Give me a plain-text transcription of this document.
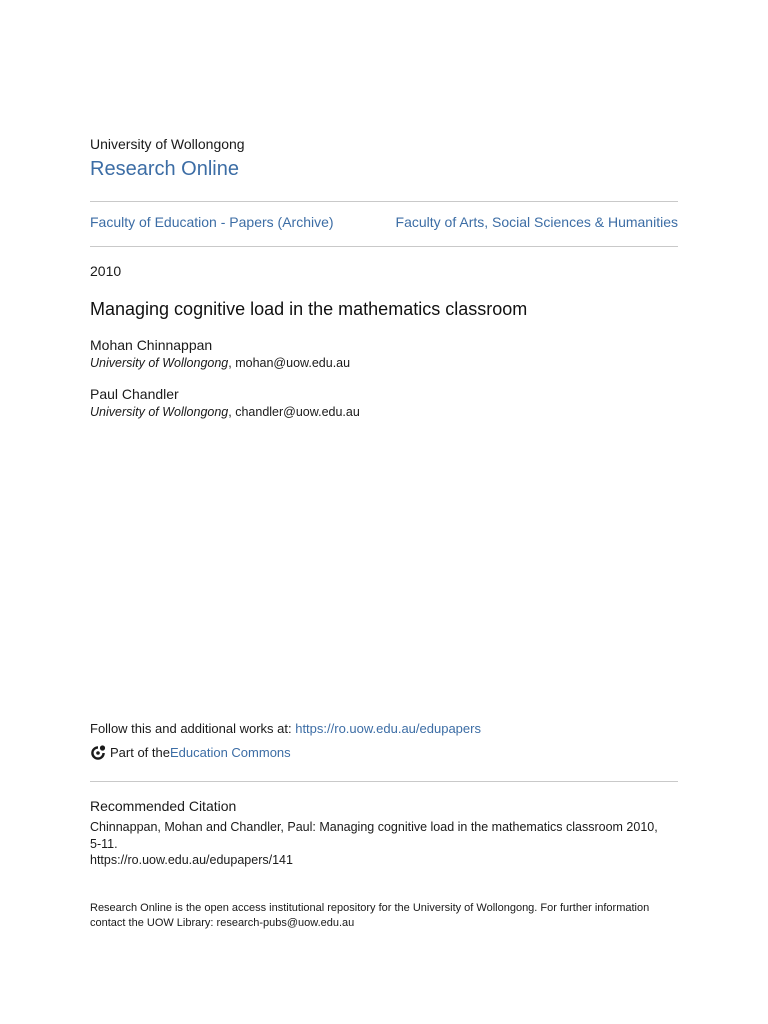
University of Wollongong
Research Online
Faculty of Education - Papers (Archive)	Faculty of Arts, Social Sciences & Humanities
2010
Managing cognitive load in the mathematics classroom
Mohan Chinnappan
University of Wollongong, mohan@uow.edu.au
Paul Chandler
University of Wollongong, chandler@uow.edu.au
Follow this and additional works at: https://ro.uow.edu.au/edupapers
Part of the Education Commons
Recommended Citation
Chinnappan, Mohan and Chandler, Paul: Managing cognitive load in the mathematics classroom 2010,
5-11.
https://ro.uow.edu.au/edupapers/141
Research Online is the open access institutional repository for the University of Wollongong. For further information
contact the UOW Library: research-pubs@uow.edu.au
